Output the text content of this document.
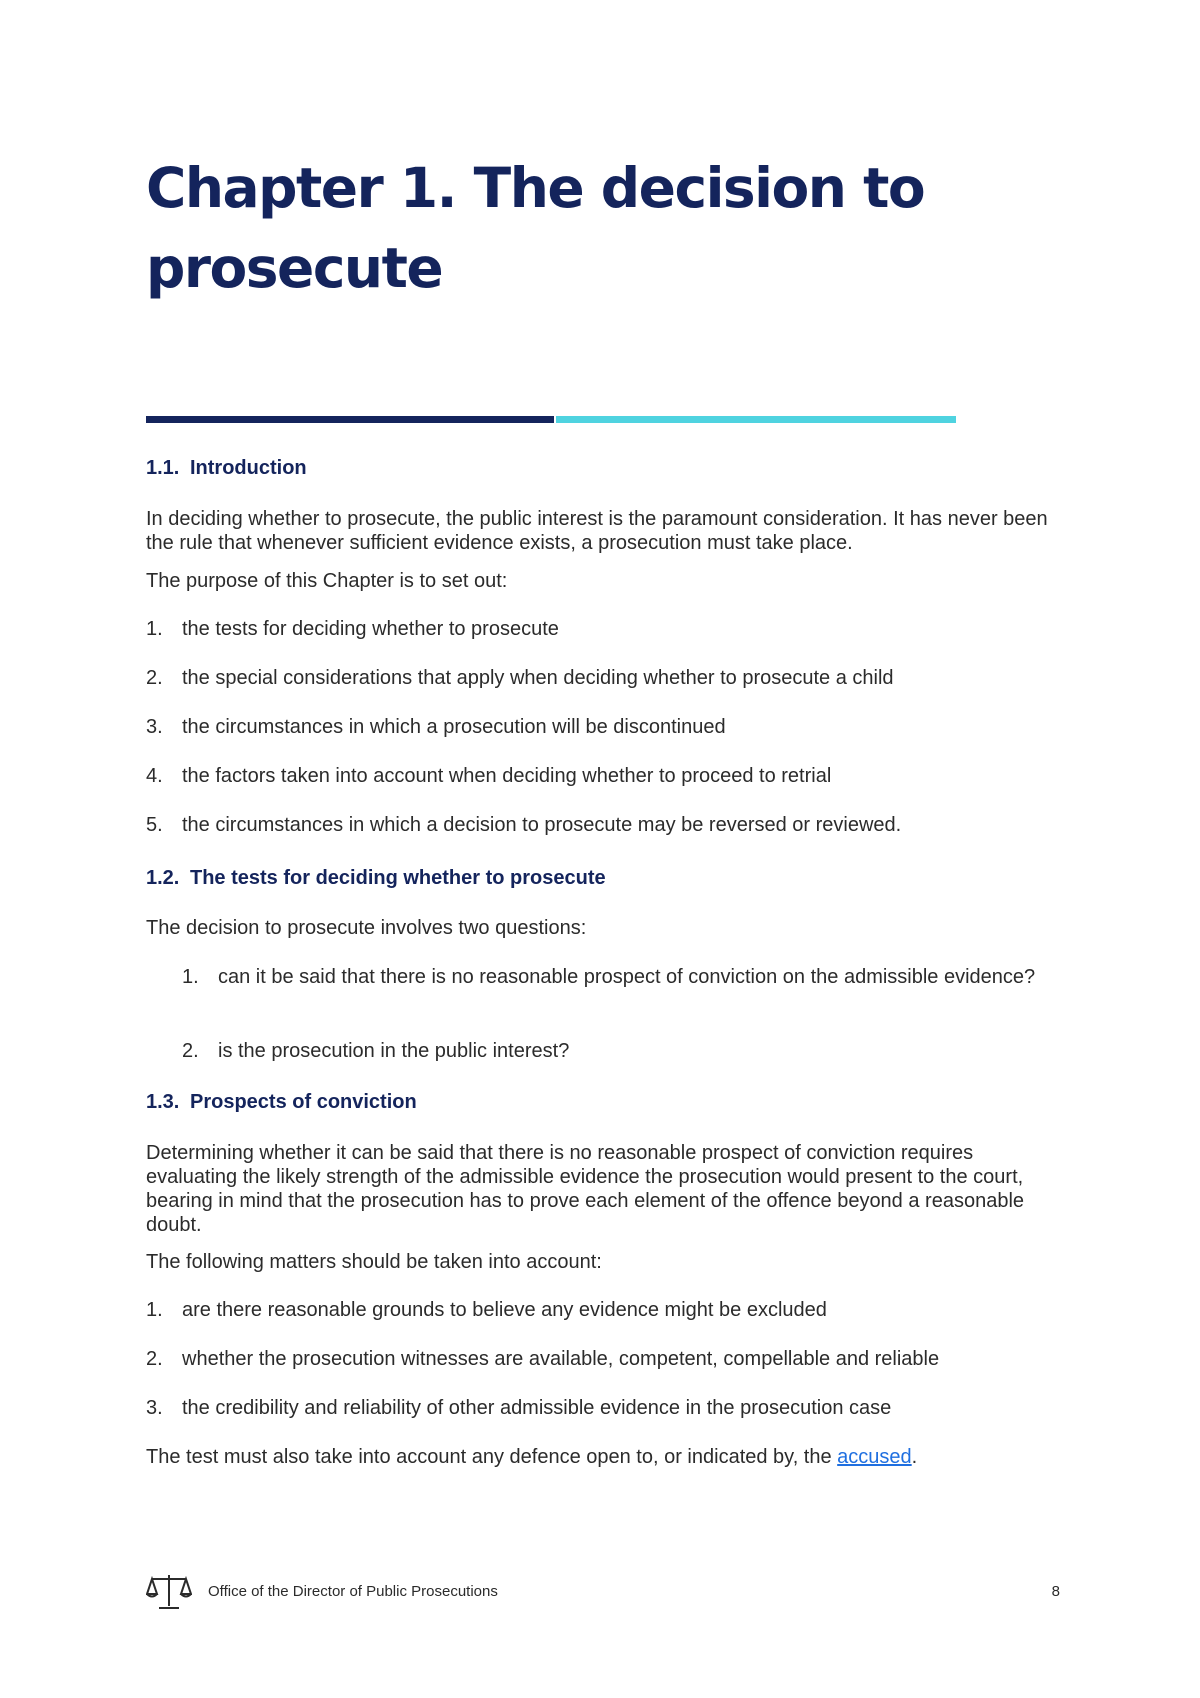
Chapter 1. The decision to prosecute
1.1. Introduction

In deciding whether to prosecute, the public interest is the paramount consideration. It has never been the rule that whenever sufficient evidence exists, a prosecution must take place.

The purpose of this Chapter is to set out:

1. the tests for deciding whether to prosecute
2. the special considerations that apply when deciding whether to prosecute a child
3. the circumstances in which a prosecution will be discontinued
4. the factors taken into account when deciding whether to proceed to retrial
5. the circumstances in which a decision to prosecute may be reversed or reviewed.
1.2. The tests for deciding whether to prosecute

The decision to prosecute involves two questions:

1. can it be said that there is no reasonable prospect of conviction on the admissible evidence?
2. is the prosecution in the public interest?
1.3. Prospects of conviction

Determining whether it can be said that there is no reasonable prospect of conviction requires evaluating the likely strength of the admissible evidence the prosecution would present to the court, bearing in mind that the prosecution has to prove each element of the offence beyond a reasonable doubt.

The following matters should be taken into account:

1. are there reasonable grounds to believe any evidence might be excluded
2. whether the prosecution witnesses are available, competent, compellable and reliable
3. the credibility and reliability of other admissible evidence in the prosecution case

The test must also take into account any defence open to, or indicated by, the accused.

Office of the Director of Public Prosecutions	8
